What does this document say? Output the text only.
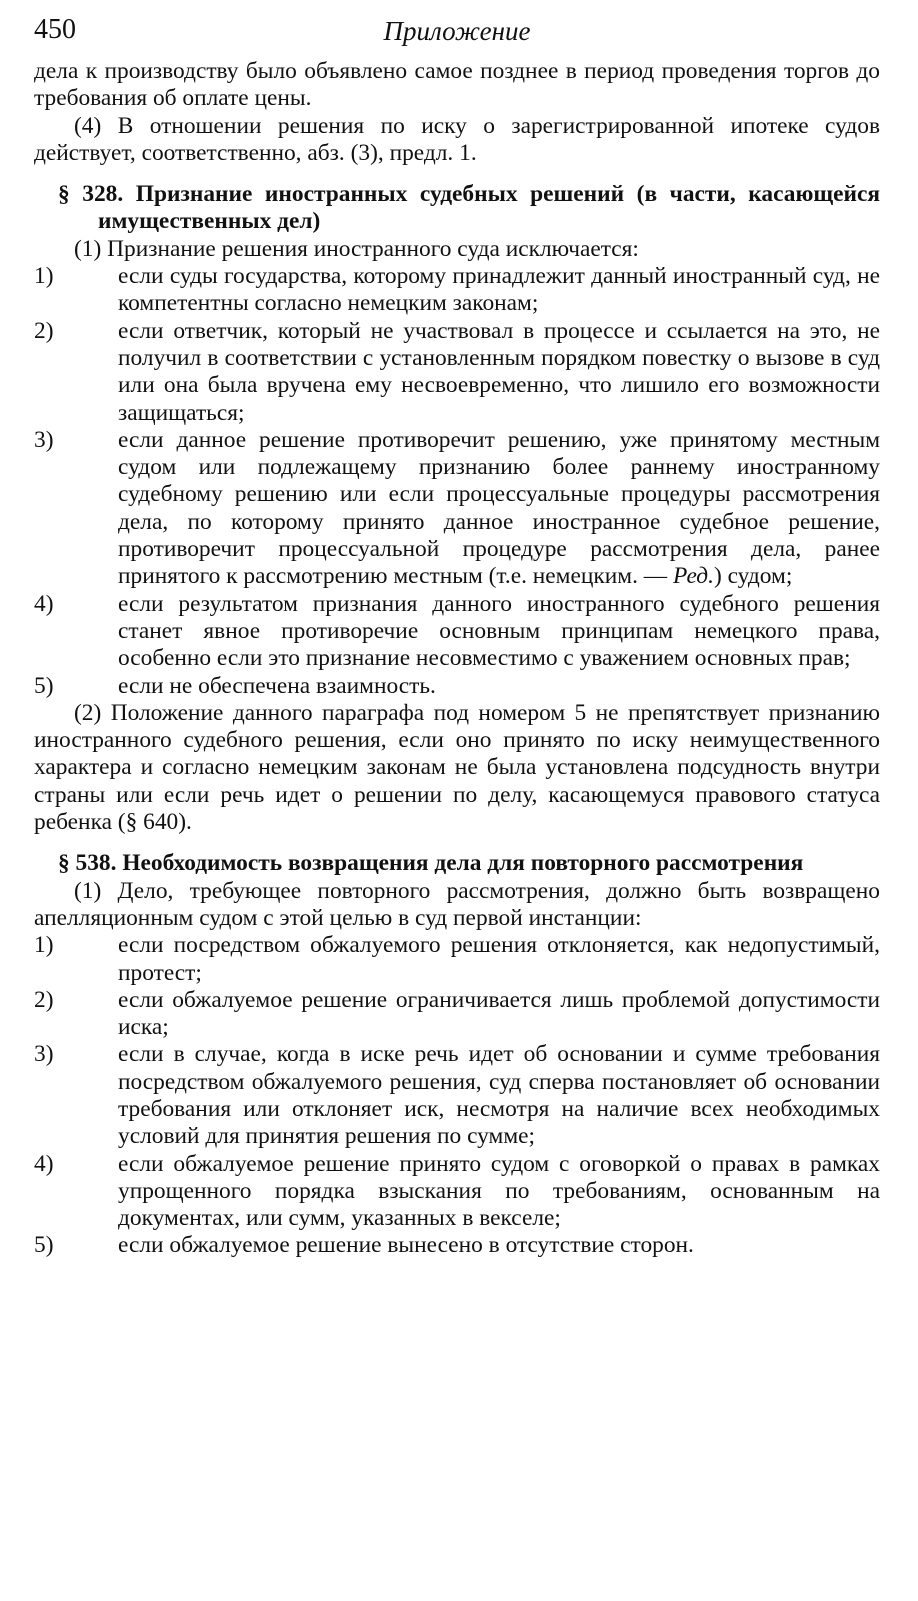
450	Приложение

дела к производству было объявлено самое позднее в период проведения торгов до требования об оплате цены.

(4) В отношении решения по иску о зарегистрированной ипотеке судов действует, соответственно, абз. (3), предл. 1.

§ 328. Признание иностранных судебных решений (в части, касающейся имущественных дел)

(1) Признание решения иностранного суда исключается:

1)	если суды государства, которому принадлежит данный иностранный суд, не компетентны согласно немецким законам;
2)	если ответчик, который не участвовал в процессе и ссылается на это, не получил в соответствии с установленным порядком повестку о вызове в суд или она была вручена ему несвоевременно, что лишило его возможности защищаться;
3)	если данное решение противоречит решению, уже принятому местным судом или подлежащему признанию более раннему иностранному судебному решению или если процессуальные процедуры рассмотрения дела, по которому принято данное иностранное судебное решение, противоречит процессуальной процедуре рассмотрения дела, ранее принятого к рассмотрению местным (т.е. немецким. — Ред.) судом;
4)	если результатом признания данного иностранного судебного решения станет явное противоречие основным принципам немецкого права, особенно если это признание несовместимо с уважением основных прав;
5)	если не обеспечена взаимность.

(2) Положение данного параграфа под номером 5 не препятствует признанию иностранного судебного решения, если оно принято по иску неимущественного характера и согласно немецким законам не была установлена подсудность внутри страны или если речь идет о решении по делу, касающемуся правового статуса ребенка (§ 640).

§ 538. Необходимость возвращения дела для повторного рассмотрения

(1) Дело, требующее повторного рассмотрения, должно быть возвращено апелляционным судом с этой целью в суд первой инстанции:

1)	если посредством обжалуемого решения отклоняется, как недопустимый, протест;
2)	если обжалуемое решение ограничивается лишь проблемой допустимости иска;
3)	если в случае, когда в иске речь идет об основании и сумме требования посредством обжалуемого решения, суд сперва постановляет об основании требования или отклоняет иск, несмотря на наличие всех необходимых условий для принятия решения по сумме;
4)	если обжалуемое решение принято судом с оговоркой о правах в рамках упрощенного порядка взыскания по требованиям, основанным на документах, или сумм, указанных в векселе;
5)	если обжалуемое решение вынесено в отсутствие сторон.
